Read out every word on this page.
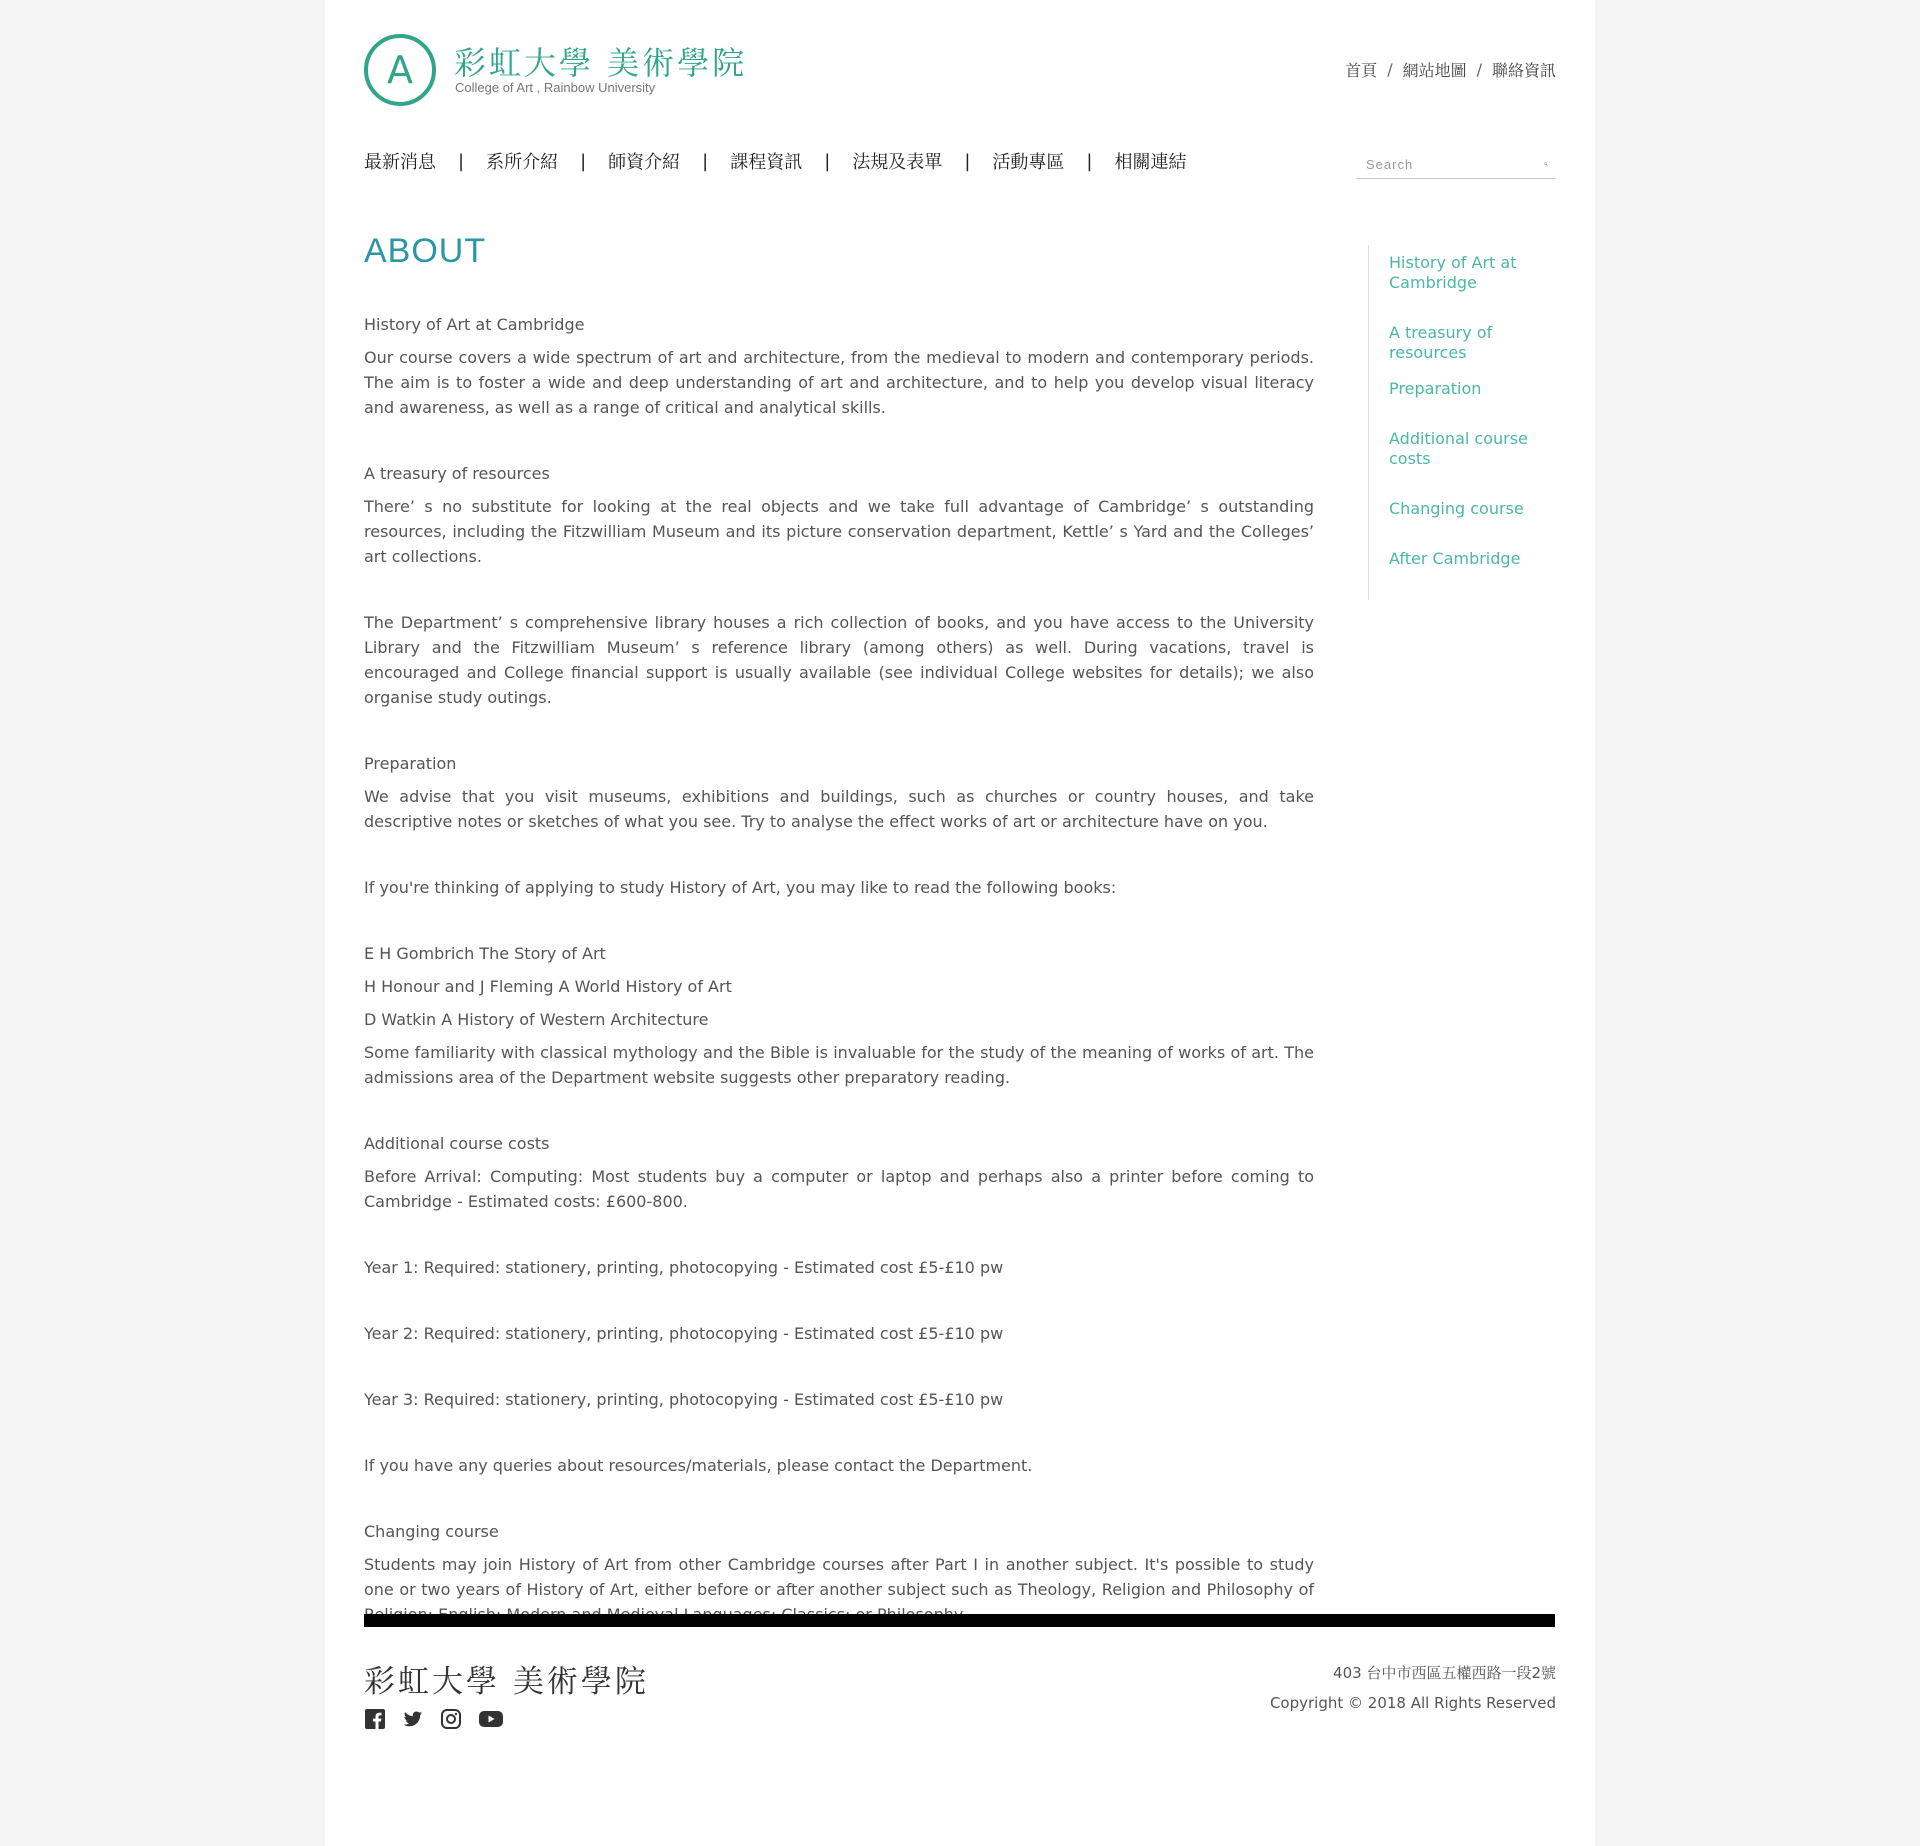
A 彩虹大學 美術學院
College of Art , Rainbow University
首頁 / 網站地圖 / 聯絡資訊
最新消息 | 系所介紹 | 師資介紹 | 課程資訊 | 法規及表單 | 活動專區 | 相關連結
Search
ABOUT

History of Art at Cambridge

Our course covers a wide spectrum of art and architecture, from the medieval to modern and contemporary periods. The aim is to foster a wide and deep understanding of art and architecture, and to help you develop visual literacy and awareness, as well as a range of critical and analytical skills.

A treasury of resources

There’ s no substitute for looking at the real objects and we take full advantage of Cambridge’ s outstanding resources, including the Fitzwilliam Museum and its picture conservation department, Kettle’ s Yard and the Colleges’ art collections.

The Department’ s comprehensive library houses a rich collection of books, and you have access to the University Library and the Fitzwilliam Museum’ s reference library (among others) as well. During vacations, travel is encouraged and College financial support is usually available (see individual College websites for details); we also organise study outings.

Preparation

We advise that you visit museums, exhibitions and buildings, such as churches or country houses, and take descriptive notes or sketches of what you see. Try to analyse the effect works of art or architecture have on you.

If you're thinking of applying to study History of Art, you may like to read the following books:

E H Gombrich The Story of Art

H Honour and J Fleming A World History of Art

D Watkin A History of Western Architecture

Some familiarity with classical mythology and the Bible is invaluable for the study of the meaning of works of art. The admissions area of the Department website suggests other preparatory reading.

Additional course costs

Before Arrival: Computing: Most students buy a computer or laptop and perhaps also a printer before coming to Cambridge - Estimated costs: £600-800.

Year 1: Required: stationery, printing, photocopying - Estimated cost £5-£10 pw

Year 2: Required: stationery, printing, photocopying - Estimated cost £5-£10 pw

Year 3: Required: stationery, printing, photocopying - Estimated cost £5-£10 pw

If you have any queries about resources/materials, please contact the Department.

Changing course

Students may join History of Art from other Cambridge courses after Part I in another subject. It's possible to study one or two years of History of Art, either before or after another subject such as Theology, Religion and Philosophy of

History of Art at Cambridge
A treasury of resources
Preparation
Additional course costs
Changing course
After Cambridge
彩虹大學 美術學院	403 台中市西區五權西路一段2號
Copyright © 2018 All Rights Reserved
